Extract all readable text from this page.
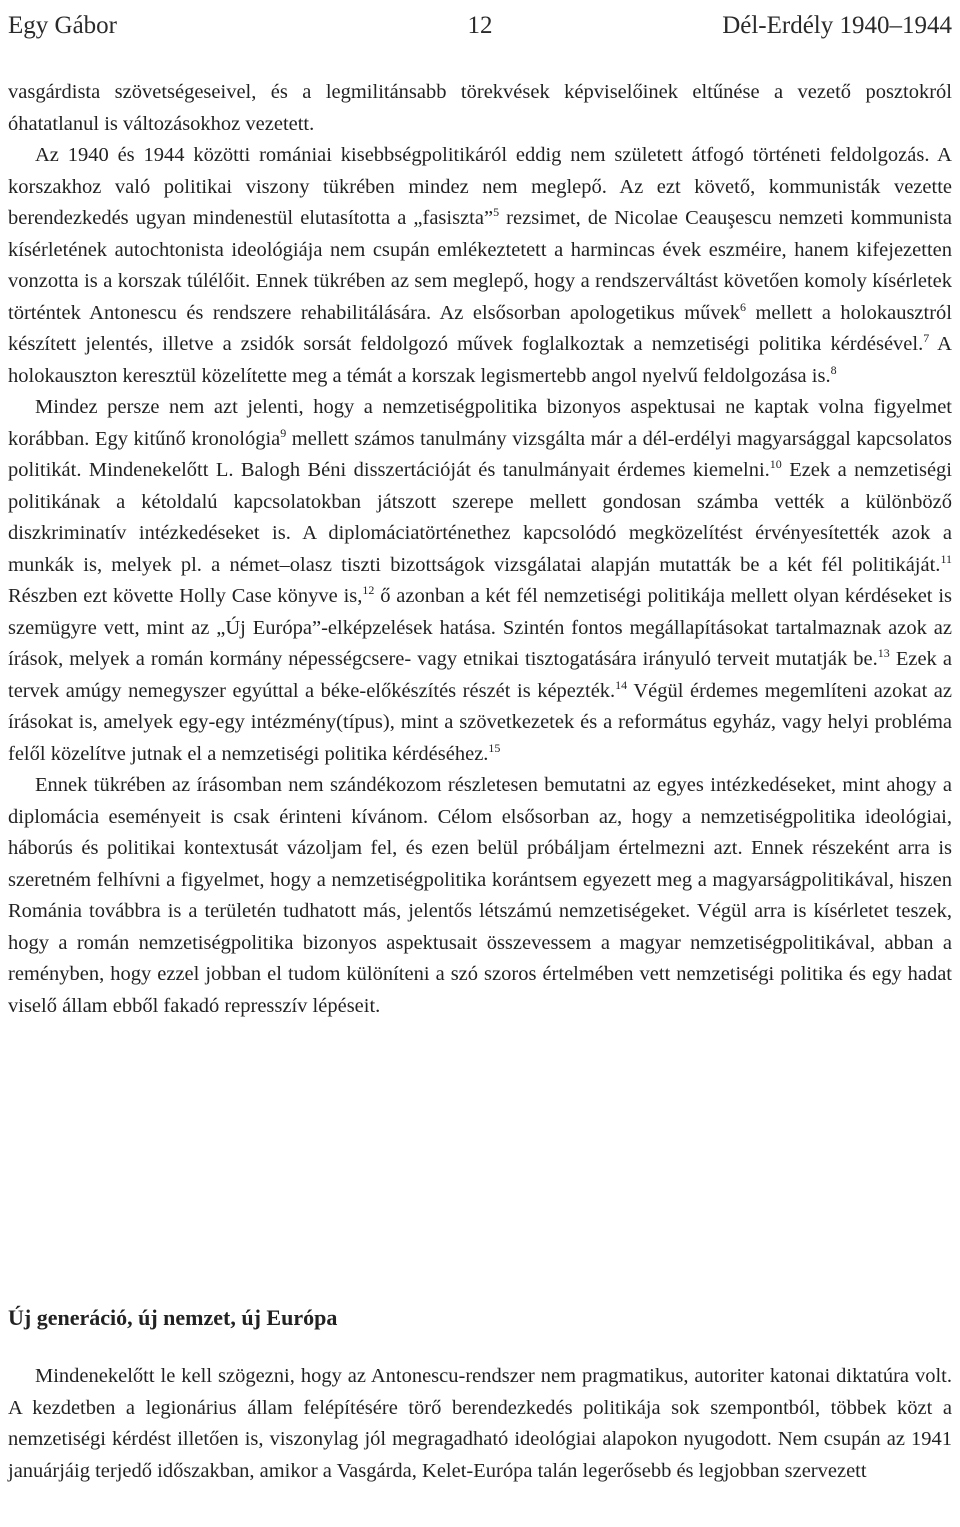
Egy Gábor	12	Dél-Erdély 1940–1944

vasgárdista szövetségeseivel, és a legmilitánsabb törekvések képviselőinek eltűnése a vezető posztokról óhatatlanul is változásokhoz vezetett.

Az 1940 és 1944 közötti romániai kisebbségpolitikáról eddig nem született átfogó történeti feldolgozás. A korszakhoz való politikai viszony tükrében mindez nem meglepő. Az ezt követő, kommunisták vezette berendezkedés ugyan mindenestül elutasította a „fasiszta”$^5$ rezsimet, de Nicolae Ceauşescu nemzeti kommunista kísérletének autochtonista ideológiája nem csupán emlékeztetett a harmincas évek eszméire, hanem kifejezetten vonzotta is a korszak túlélőit. Ennek tükrében az sem meglepő, hogy a rendszerváltást követően komoly kísérletek történtek Antonescu és rendszere rehabilitálására. Az elsősorban apologetikus művek$^6$ mellett a holokausztról készített jelentés, illetve a zsidók sorsát feldolgozó művek foglalkoztak a nemzetiségi politika kérdésével.$^7$ A holokauszton keresztül közelítette meg a témát a korszak legismertebb angol nyelvű feldolgozása is.$^8$

Mindez persze nem azt jelenti, hogy a nemzetiségpolitika bizonyos aspektusai ne kaptak volna figyelmet korábban. Egy kitűnő kronológia$^9$ mellett számos tanulmány vizsgálta már a dél-erdélyi magyarsággal kapcsolatos politikát. Mindenekelőtt L. Balogh Béni disszertációját és tanulmányait érdemes kiemelni.$^{10}$ Ezek a nemzetiségi politikának a kétoldalú kapcsolatokban játszott szerepe mellett gondosan számba vették a különböző diszkriminatív intézkedéseket is. A diplomáciatörténethez kapcsolódó megközelítést érvényesítették azok a munkák is, melyek pl. a német–olasz tiszti bizottságok vizsgálatai alapján mutatták be a két fél politikáját.$^{11}$ Részben ezt követte Holly Case könyve is,$^{12}$ ő azonban a két fél nemzetiségi politikája mellett olyan kérdéseket is szemügyre vett, mint az „Új Európa”-elképzelések hatása. Szintén fontos megállapításokat tartalmaznak azok az írások, melyek a román kormány népességcsere- vagy etnikai tisztogatására irányuló terveit mutatják be.$^{13}$ Ezek a tervek amúgy nemegyszer egyúttal a béke-előkészítés részét is képezték.$^{14}$ Végül érdemes megemlíteni azokat az írásokat is, amelyek egy-egy intézmény(típus), mint a szövetkezetek és a református egyház, vagy helyi probléma felől közelítve jutnak el a nemzetiségi politika kérdéséhez.$^{15}$

Ennek tükrében az írásomban nem szándékozom részletesen bemutatni az egyes intézkedéseket, mint ahogy a diplomácia eseményeit is csak érinteni kívánom. Célom elsősorban az, hogy a nemzetiségpolitika ideológiai, háborús és politikai kontextusát vázoljam fel, és ezen belül próbáljam értelmezni azt. Ennek részeként arra is szeretném felhívni a figyelmet, hogy a nemzetiségpolitika korántsem egyezett meg a magyarságpolitikával, hiszen Románia továbbra is a területén tudhatott más, jelentős létszámú nemzetiségeket. Végül arra is kísérletet teszek, hogy a román nemzetiségpolitika bizonyos aspektusait összevessem a magyar nemzetiségpolitikával, abban a reményben, hogy ezzel jobban el tudom különíteni a szó szoros értelmében vett nemzetiségi politika és egy hadat viselő állam ebből fakadó represszív lépéseit.

Új generáció, új nemzet, új Európa

Mindenekelőtt le kell szögezni, hogy az Antonescu-rendszer nem pragmatikus, autoriter katonai diktatúra volt. A kezdetben a legionárius állam felépítésére törő berendezkedés politikája sok szempontból, többek közt a nemzetiségi kérdést illetően is, viszonylag jól megragadható ideológiai alapokon nyugodott. Nem csupán az 1941 januárjáig terjedő időszakban, amikor a Vasgárda, Kelet-Európa talán legerősebb és legjobban szervezett
